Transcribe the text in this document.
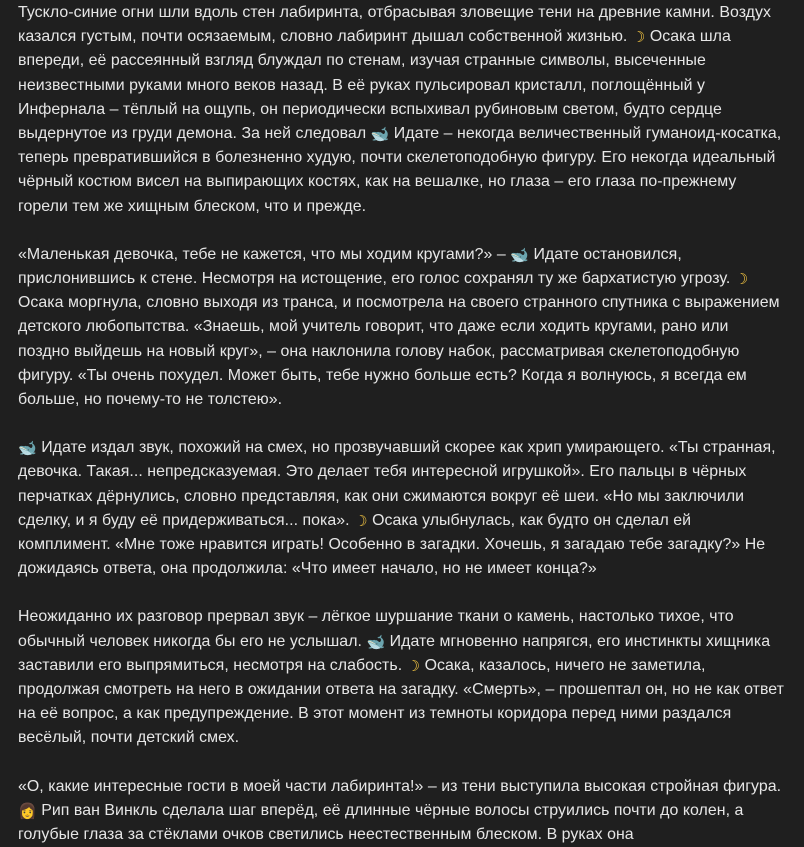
Тускло-синие огни шли вдоль стен лабиринта, отбрасывая зловещие тени на древние камни. Воздух казался густым, почти осязаемым, словно лабиринт дышал собственной жизнью. ☽ Осака шла впереди, её рассеянный взгляд блуждал по стенам, изучая странные символы, высеченные неизвестными руками много веков назад. В её руках пульсировал кристалл, поглощённый у Инфернала – тёплый на ощупь, он периодически вспыхивал рубиновым светом, будто сердце выдернутое из груди демона. За ней следовал 🐋 Идате – некогда величественный гуманоид-косатка, теперь превратившийся в болезненно худую, почти скелетоподобную фигуру. Его некогда идеальный чёрный костюм висел на выпирающих костях, как на вешалке, но глаза – его глаза по-прежнему горели тем же хищным блеском, что и прежде.

«Маленькая девочка, тебе не кажется, что мы ходим кругами?» – 🐋 Идате остановился, прислонившись к стене. Несмотря на истощение, его голос сохранял ту же бархатистую угрозу. ☽ Осака моргнула, словно выходя из транса, и посмотрела на своего странного спутника с выражением детского любопытства. «Знаешь, мой учитель говорит, что даже если ходить кругами, рано или поздно выйдешь на новый круг», – она наклонила голову набок, рассматривая скелетоподобную фигуру. «Ты очень похудел. Может быть, тебе нужно больше есть? Когда я волнуюсь, я всегда ем больше, но почему-то не толстею».

🐋 Идате издал звук, похожий на смех, но прозвучавший скорее как хрип умирающего. «Ты странная, девочка. Такая... непредсказуемая. Это делает тебя интересной игрушкой». Его пальцы в чёрных перчатках дёрнулись, словно представляя, как они сжимаются вокруг её шеи. «Но мы заключили сделку, и я буду её придерживаться... пока». ☽ Осака улыбнулась, как будто он сделал ей комплимент. «Мне тоже нравится играть! Особенно в загадки. Хочешь, я загадаю тебе загадку?» Не дожидаясь ответа, она продолжила: «Что имеет начало, но не имеет конца?»

Неожиданно их разговор прервал звук – лёгкое шуршание ткани о камень, настолько тихое, что обычный человек никогда бы его не услышал. 🐋 Идате мгновенно напрягся, его инстинкты хищника заставили его выпрямиться, несмотря на слабость. ☽ Осака, казалось, ничего не заметила, продолжая смотреть на него в ожидании ответа на загадку. «Смерть», – прошептал он, но не как ответ на её вопрос, а как предупреждение. В этот момент из темноты коридора перед ними раздался весёлый, почти детский смех.

«О, какие интересные гости в моей части лабиринта!» – из тени выступила высокая стройная фигура. 👩 Рип ван Винкль сделала шаг вперёд, её длинные чёрные волосы струились почти до колен, а голубые глаза за стёклами очков светились неестественным блеском. В руках она
